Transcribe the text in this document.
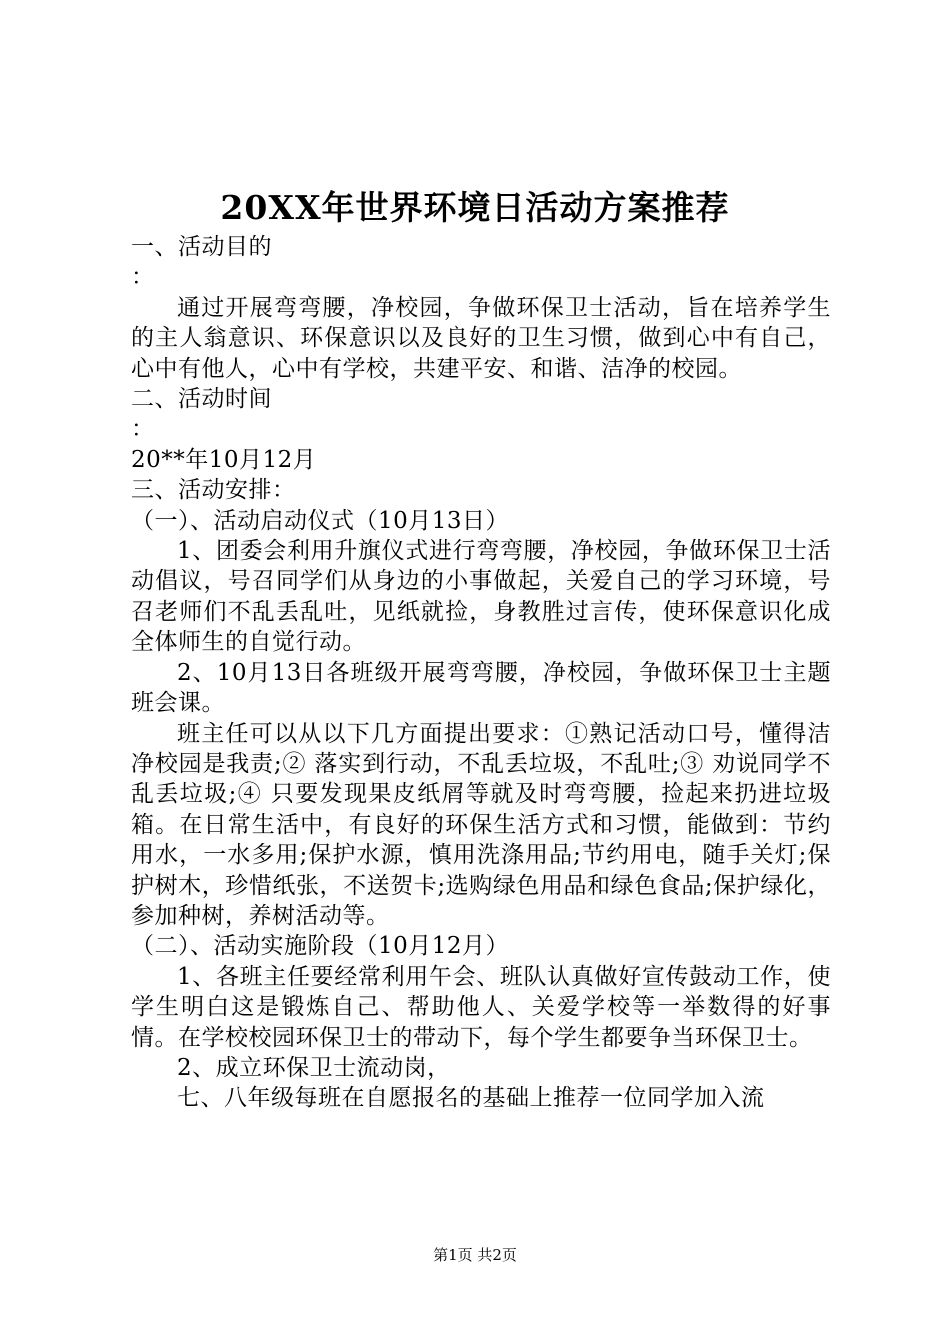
20XX年世界环境日活动方案推荐

一、活动目的

：

通过开展弯弯腰，净校园，争做环保卫士活动，旨在培养学生的主人翁意识、环保意识以及良好的卫生习惯，做到心中有自己，心中有他人，心中有学校，共建平安、和谐、洁净的校园。

二、活动时间

：

20**年10月12月

三、活动安排：

（一）、活动启动仪式（10月13日）

1、团委会利用升旗仪式进行弯弯腰，净校园，争做环保卫士活动倡议，号召同学们从身边的小事做起，关爱自己的学习环境，号召老师们不乱丢乱吐，见纸就捡，身教胜过言传，使环保意识化成全体师生的自觉行动。

2、10月13日各班级开展弯弯腰，净校园，争做环保卫士主题班会课。

班主任可以从以下几方面提出要求：①熟记活动口号，懂得洁净校园是我责;② 落实到行动，不乱丢垃圾，不乱吐;③ 劝说同学不乱丢垃圾;④ 只要发现果皮纸屑等就及时弯弯腰，捡起来扔进垃圾箱。在日常生活中，有良好的环保生活方式和习惯，能做到：节约用水，一水多用;保护水源，慎用洗涤用品;节约用电，随手关灯;保护树木，珍惜纸张，不送贺卡;选购绿色用品和绿色食品;保护绿化，参加种树，养树活动等。

（二）、活动实施阶段（10月12月）

1、各班主任要经常利用午会、班队认真做好宣传鼓动工作，使学生明白这是锻炼自己、帮助他人、关爱学校等一举数得的好事情。在学校校园环保卫士的带动下，每个学生都要争当环保卫士。

2、成立环保卫士流动岗，

七、八年级每班在自愿报名的基础上推荐一位同学加入流

第1页 共2页
